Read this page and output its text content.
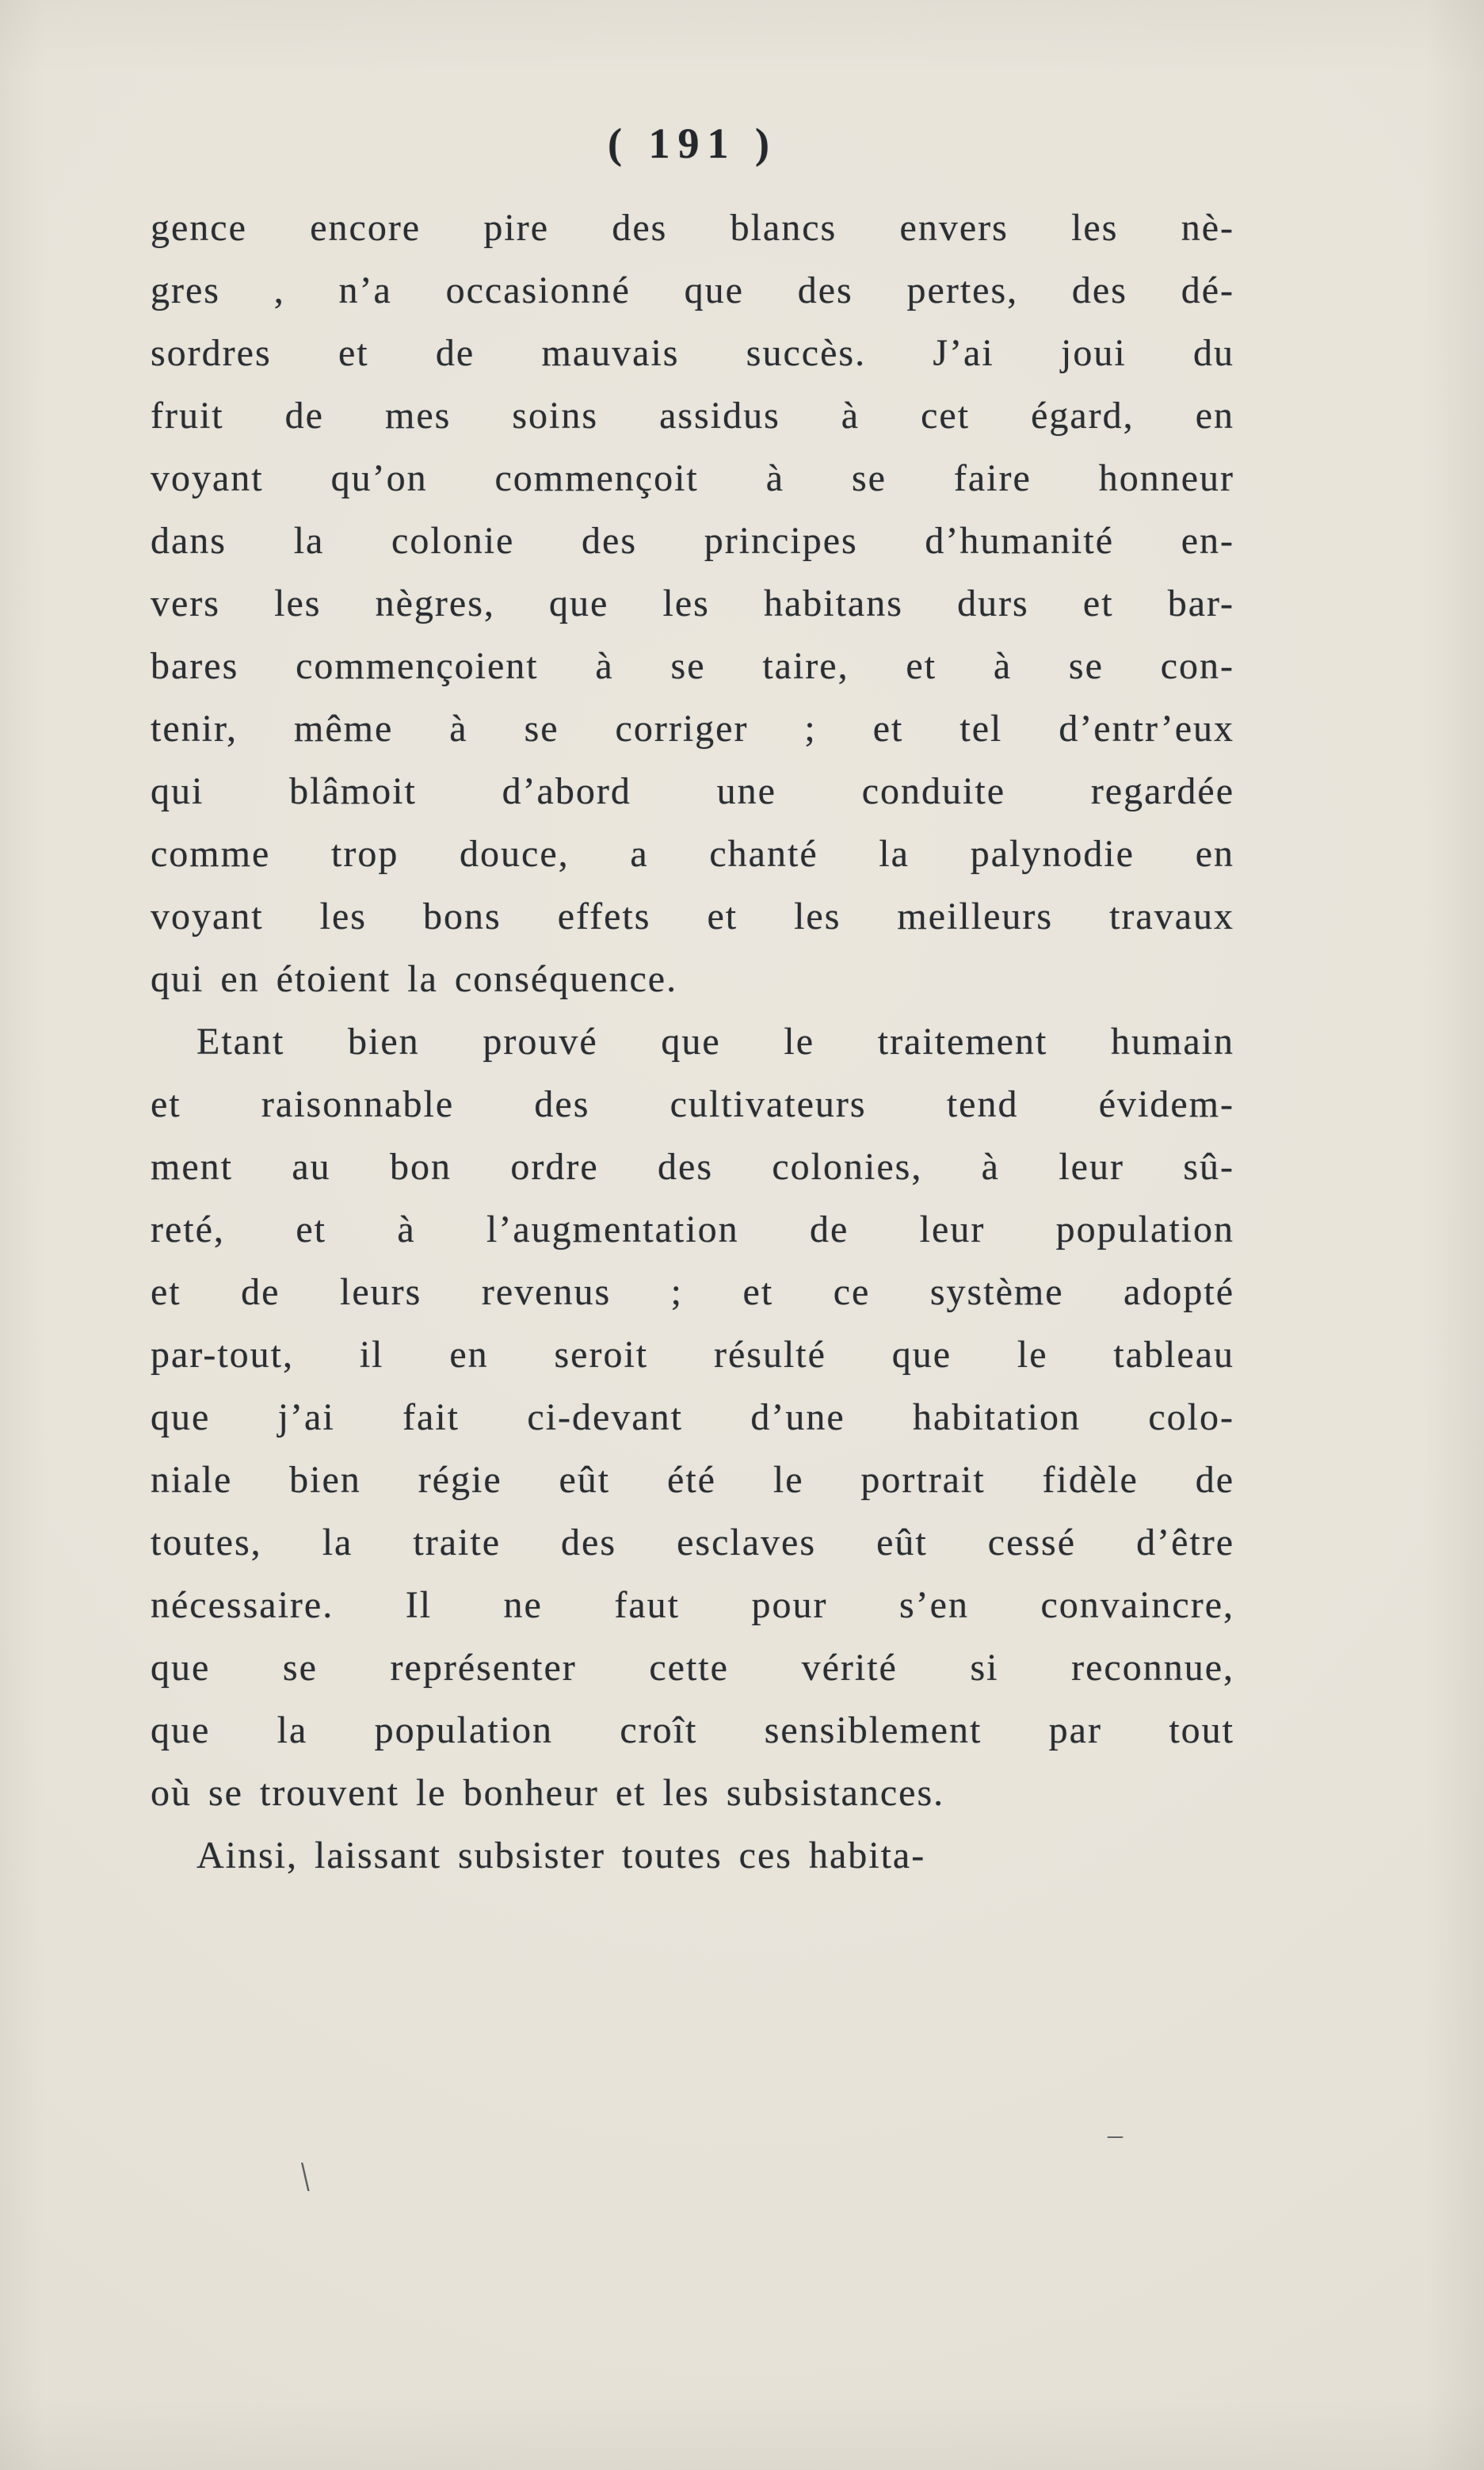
( 191 )
gence encore pire des blancs envers les nè-
gres , n’a occasionné que des pertes, des dé-
sordres et de mauvais succès. J’ai joui du
fruit de mes soins assidus à cet égard, en
voyant qu’on commençoit à se faire honneur
dans la colonie des principes d’humanité en-
vers les nègres, que les habitans durs et bar-
bares commençoient à se taire, et à se con-
tenir, même à se corriger ; et tel d’entr’eux
qui blâmoit d’abord une conduite regardée
comme trop douce, a chanté la palynodie en
voyant les bons effets et les meilleurs travaux
qui en étoient la conséquence.
Etant bien prouvé que le traitement humain
et raisonnable des cultivateurs tend évidem-
ment au bon ordre des colonies, à leur sû-
reté, et à l’augmentation de leur population
et de leurs revenus ; et ce système adopté
par-tout, il en seroit résulté que le tableau
que j’ai fait ci-devant d’une habitation colo-
niale bien régie eût été le portrait fidèle de
toutes, la traite des esclaves eût cessé d’être
nécessaire. Il ne faut pour s’en convaincre,
que se représenter cette vérité si reconnue,
que la population croît sensiblement par tout
où se trouvent le bonheur et les subsistances.
Ainsi, laissant subsister toutes ces habita-
\
–
